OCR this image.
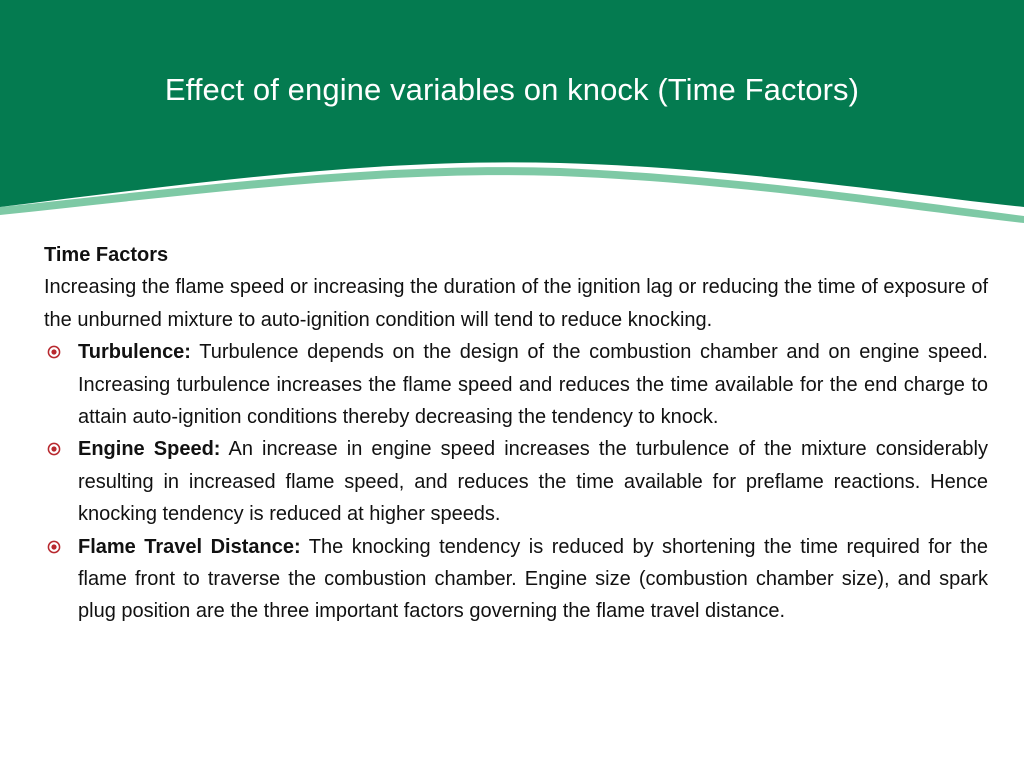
Effect of engine variables on knock (Time Factors)

Time Factors

Increasing the flame speed or increasing the duration of the ignition lag or reducing the time of exposure of the unburned mixture to auto-ignition condition will tend to reduce knocking.

Turbulence: Turbulence depends on the design of the combustion chamber and on engine speed. Increasing turbulence increases the flame speed and reduces the time available for the end charge to attain auto-ignition conditions thereby decreasing the tendency to knock.
Engine Speed: An increase in engine speed increases the turbulence of the mixture considerably resulting in increased flame speed, and reduces the time available for preflame reactions. Hence knocking tendency is reduced at higher speeds.
Flame Travel Distance: The knocking tendency is reduced by shortening the time required for the flame front to traverse the combustion chamber. Engine size (combustion chamber size), and spark plug position are the three important factors governing the flame travel distance.
